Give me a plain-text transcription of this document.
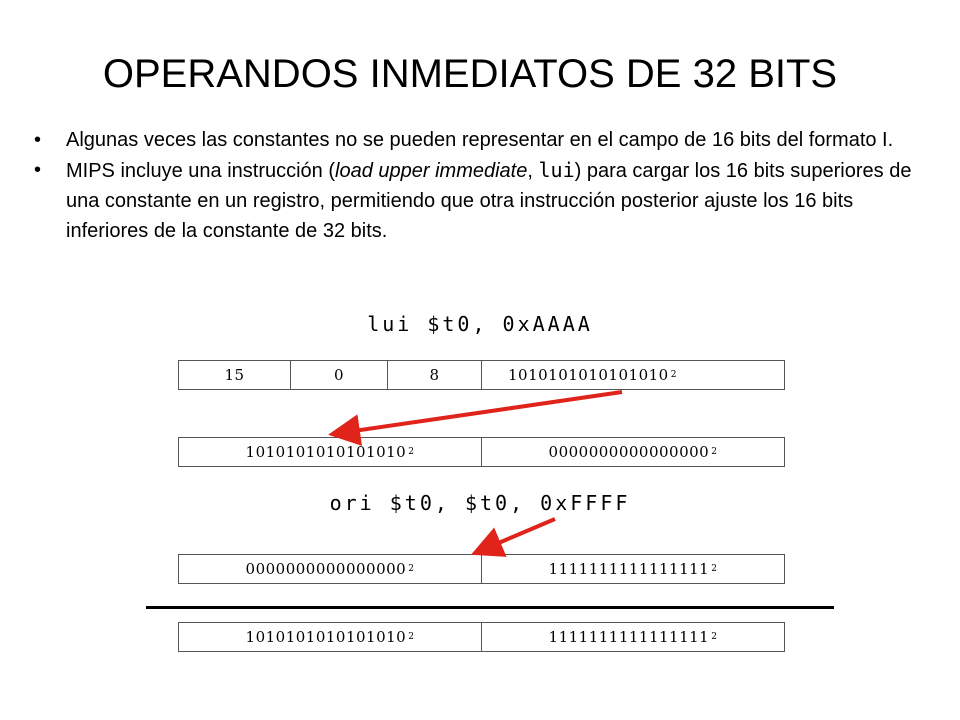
OPERANDOS INMEDIATOS DE 32 BITS
•	Algunas veces las constantes no se pueden representar en el campo de 16 bits del formato I.
•	MIPS incluye una instrucción (load upper immediate, lui) para cargar los 16 bits superiores de una constante en un registro, permitiendo que otra instrucción posterior ajuste los 16 bits inferiores de la constante de 32 bits.
lui $t0, 0xAAAA
15	0	8	1010101010101010 2
1010101010101010 2	0000000000000000 2
ori $t0, $t0, 0xFFFF
0000000000000000 2	1111111111111111 2
1010101010101010 2	1111111111111111 2
